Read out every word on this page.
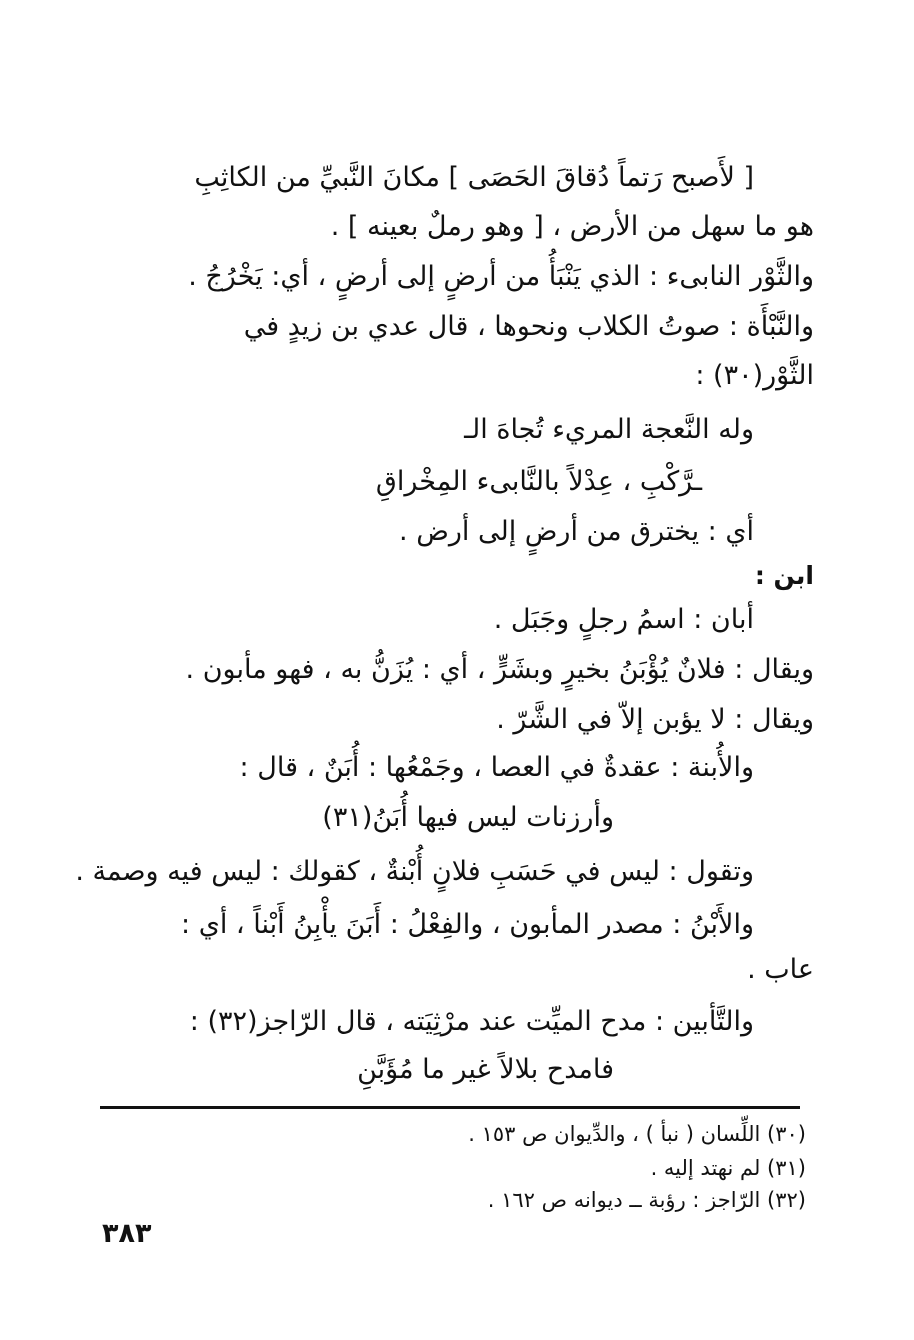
[ لأَصبح رَتماً دُقاقَ الحَصَى ] مكانَ النَّبيِّ من الكاثِبِ
هو ما سهل من الأرض ، [ وهو رملٌ بعينه ] .
والثَّوْر النابىء : الذي يَنْبَأُ من أرضٍ إلى أرضٍ ، أي: يَخْرُجُ .
والنَّبْأَة : صوتُ الكلاب ونحوها ، قال عدي بن زيدٍ في
الثَّوْر(٣٠) :
وله النَّعجة المريء تُجاهَ الـ
ـرَّكْبِ ، عِدْلاً بالنَّابىء المِخْراقِ
أي : يخترق من أرضٍ إلى أرض .
ابن :
أبان : اسمُ رجلٍ وجَبَل .
ويقال : فلانٌ يُؤْبَنُ بخيرٍ وبشَرٍّ ، أي : يُزَنُّ به ، فهو مأبون .
ويقال : لا يؤبن إلاّ في الشَّرّ .
والأُبنة : عقدةٌ في العصا ، وجَمْعُها : أُبَنٌ ، قال :
وأرزنات ليس فيها أُبَنُ(٣١)
وتقول : ليس في حَسَبِ فلانٍ أُبْنةٌ ، كقولك : ليس فيه وصمة .
والأَبْنُ : مصدر المأبون ، والفِعْلُ : أَبَنَ يأْبِنُ أَبْناً ، أي :
عاب .
والتَّأبين : مدح الميِّت عند مرْثِيَته ، قال الرّاجز(٣٢) :
فامدح بلالاً غير ما مُؤَبَّنِ
(٣٠) اللِّسان ( نبأ ) ، والدِّيوان ص ١٥٣ .
(٣١) لم نهتد إليه .
(٣٢) الرّاجز : رؤبة ــ ديوانه ص ١٦٢ .
٣٨٣
